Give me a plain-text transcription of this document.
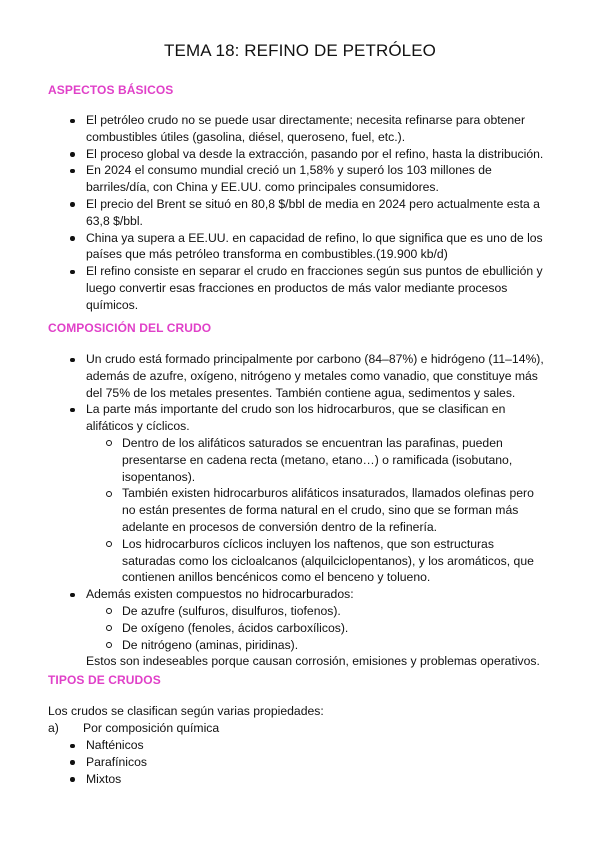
TEMA 18: REFINO DE PETRÓLEO
ASPECTOS BÁSICOS
El petróleo crudo no se puede usar directamente; necesita refinarse para obtener combustibles útiles (gasolina, diésel, queroseno, fuel, etc.).
El proceso global va desde la extracción, pasando por el refino, hasta la distribución.
En 2024 el consumo mundial creció un 1,58% y superó los 103 millones de barriles/día, con China y EE.UU. como principales consumidores.
El precio del Brent se situó en 80,8 $/bbl de media en 2024 pero actualmente esta a 63,8 $/bbl.
China ya supera a EE.UU. en capacidad de refino, lo que significa que es uno de los países que más petróleo transforma en combustibles.(19.900 kb/d)
El refino consiste en separar el crudo en fracciones según sus puntos de ebullición y luego convertir esas fracciones en productos de más valor mediante procesos químicos.
COMPOSICIÓN DEL CRUDO
Un crudo está formado principalmente por carbono (84–87%) e hidrógeno (11–14%), además de azufre, oxígeno, nitrógeno y metales como vanadio, que constituye más del 75% de los metales presentes. También contiene agua, sedimentos y sales.
La parte más importante del crudo son los hidrocarburos, que se clasifican en alifáticos y cíclicos.
Dentro de los alifáticos saturados se encuentran las parafinas, pueden presentarse en cadena recta (metano, etano…) o ramificada (isobutano, isopentanos).
También existen hidrocarburos alifáticos insaturados, llamados olefinas pero no están presentes de forma natural en el crudo, sino que se forman más adelante en procesos de conversión dentro de la refinería.
Los hidrocarburos cíclicos incluyen los naftenos, que son estructuras saturadas como los cicloalcanos (alquilciclopentanos), y los aromáticos, que contienen anillos bencénicos como el benceno y tolueno.
Además existen compuestos no hidrocarburados:
De azufre (sulfuros, disulfuros, tiofenos).
De oxígeno (fenoles, ácidos carboxílicos).
De nitrógeno (aminas, piridinas).
Estos son indeseables porque causan corrosión, emisiones y problemas operativos.
TIPOS DE CRUDOS
Los crudos se clasifican según varias propiedades:
a) Por composición química
Nafténicos
Parafínicos
Mixtos
